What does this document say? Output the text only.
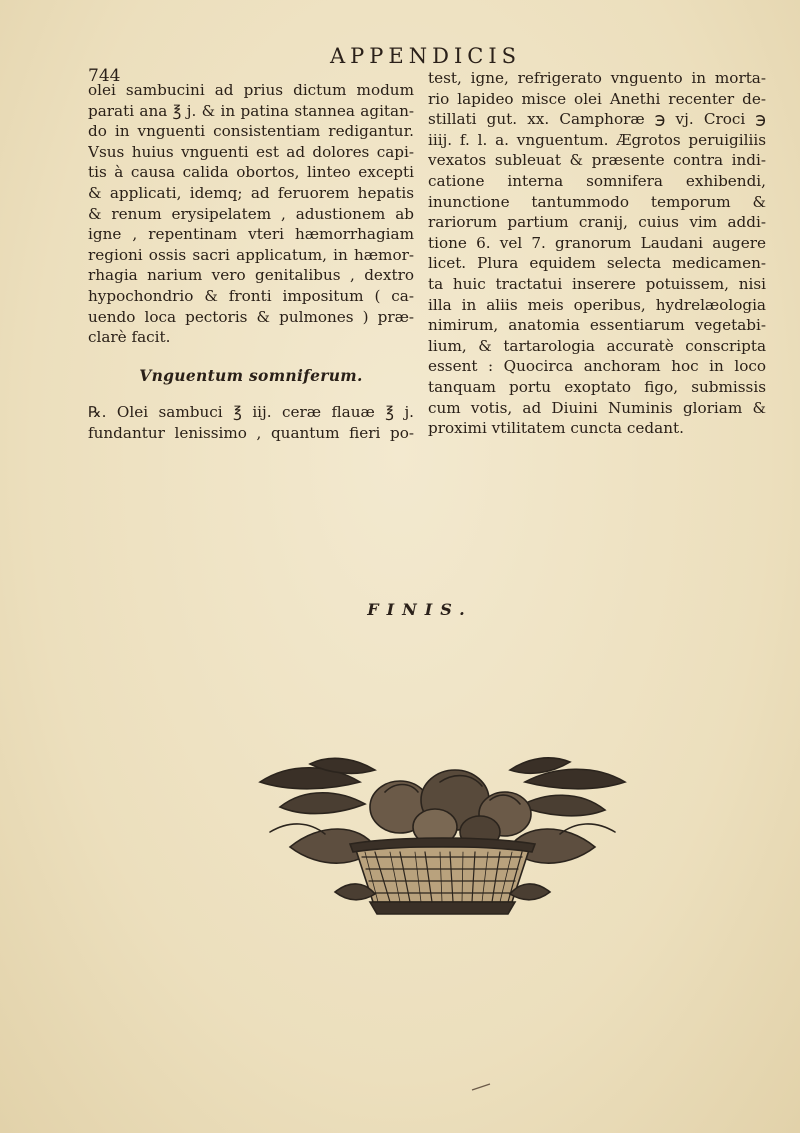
APPENDICIS
744
olei sambucini ad prius dictum modum
parati ana ℥ j. & in patina stannea agitan-
do in vnguenti consistentiam redigantur.
Vsus huius vnguenti est ad dolores capi-
tis à causa calida obortos, linteo excepti
& applicati, idemq; ad feruorem hepatis
& renum erysipelatem , adustionem ab
igne , repentinam vteri hæmorrhagiam
regioni ossis sacri applicatum, in hæmor-
rhagia narium vero genitalibus , dextro
hypochondrio & fronti impositum ( ca-
uendo loca pectoris & pulmones ) præ-
clarè facit.
Vnguentum somniferum.
℞. Olei sambuci ℥ iij. ceræ flauæ ℥ j.
fundantur lenissimo , quantum fieri po-
test, igne, refrigerato vnguento in morta-
rio lapideo misce olei Anethi recenter de-
stillati gut. xx. Camphoræ ℈ vj. Croci ℈
iiij. f. l. a. vnguentum. Ægrotos peruigiliis
vexatos subleuat & præsente contra indi-
catione interna somnifera exhibendi,
inunctione tantummodo temporum &
rariorum partium cranij, cuius vim addi-
tione 6. vel 7. granorum Laudani augere
licet. Plura equidem selecta medicamen-
ta huic tractatui inserere potuissem, nisi
illa in aliis meis operibus, hydrelæologia
nimirum, anatomia essentiarum vegetabi-
lium, & tartarologia accuratè conscripta
essent : Quocirca anchoram hoc in loco
tanquam portu exoptato figo, submissis
cum votis, ad Diuini Numinis gloriam &
proximi vtilitatem cuncta cedant.
FINIS.
